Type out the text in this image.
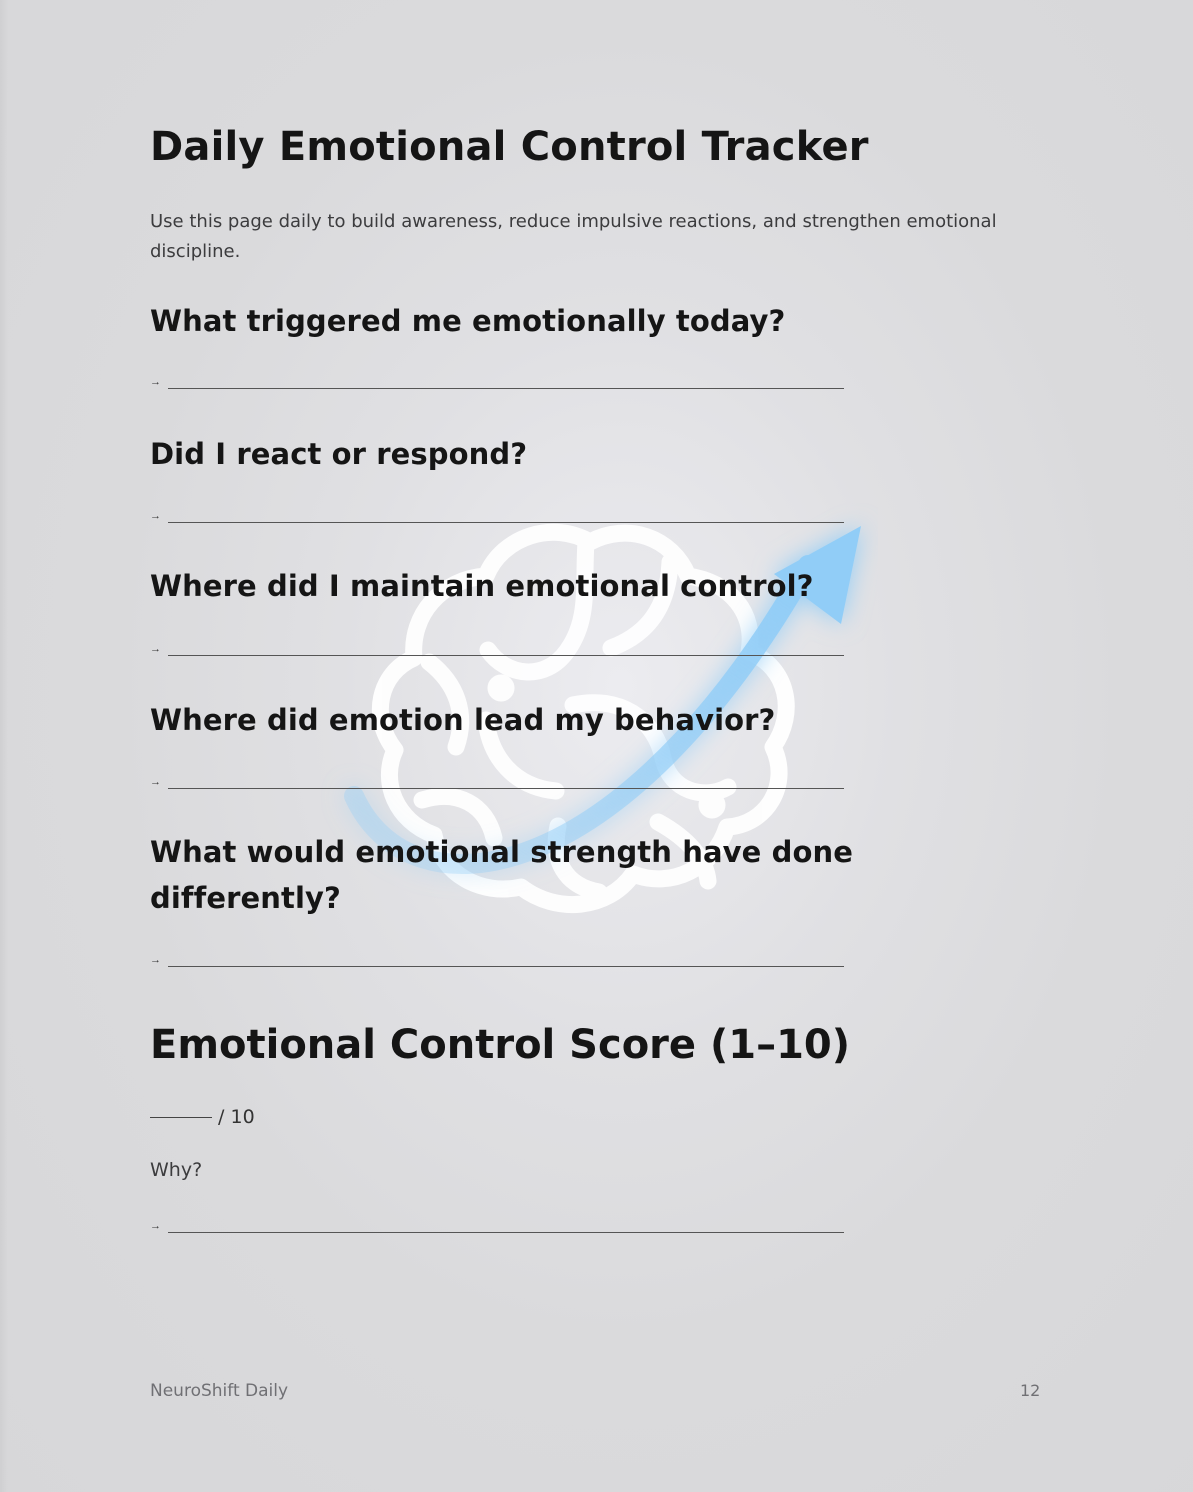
Daily Emotional Control Tracker

Use this page daily to build awareness, reduce impulsive reactions, and strengthen emotional discipline.

What triggered me emotionally today?
→
Did I react or respond?
→
Where did I maintain emotional control?
→
Where did emotion lead my behavior?
→
What would emotional strength have done differently?
→
Emotional Control Score (1–10)
/ 10
Why?
→
NeuroShift Daily	12
